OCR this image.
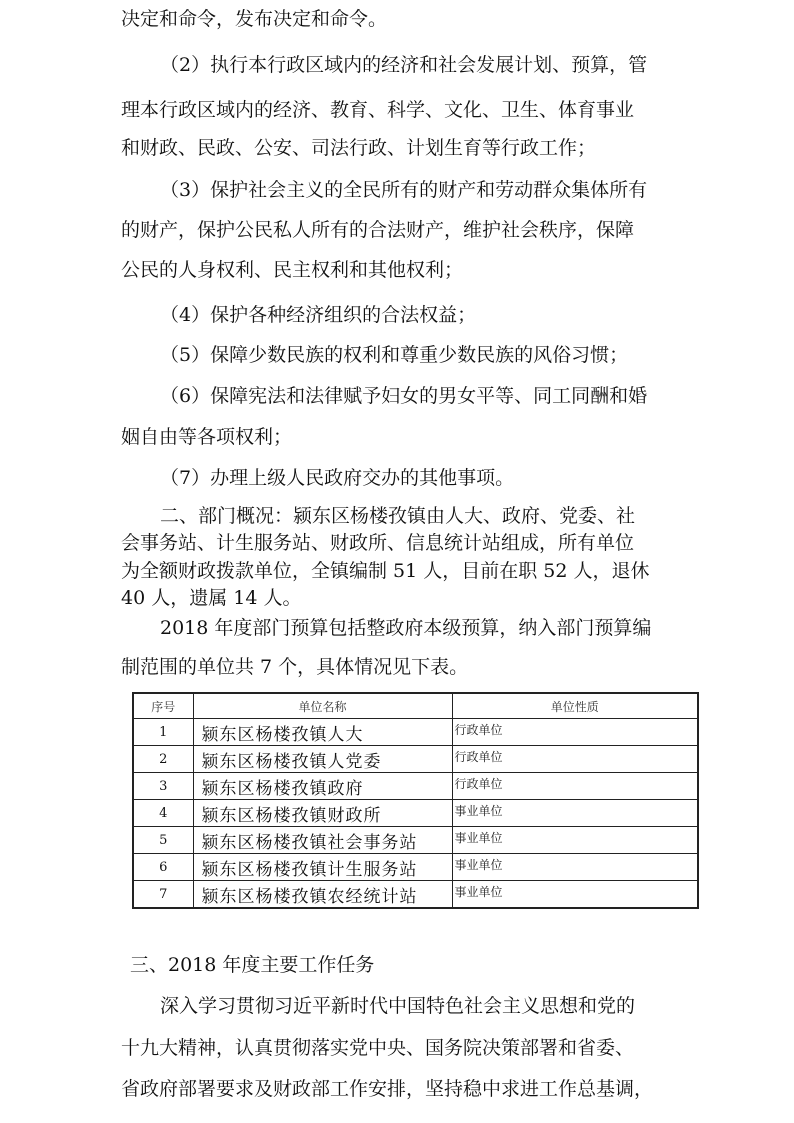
决定和命令，发布决定和命令。
（2）执行本行政区域内的经济和社会发展计划、预算，管
理本行政区域内的经济、教育、科学、文化、卫生、体育事业
和财政、民政、公安、司法行政、计划生育等行政工作；
（3）保护社会主义的全民所有的财产和劳动群众集体所有
的财产，保护公民私人所有的合法财产，维护社会秩序，保障
公民的人身权利、民主权利和其他权利；
（4）保护各种经济组织的合法权益；
（5）保障少数民族的权利和尊重少数民族的风俗习惯；
（6）保障宪法和法律赋予妇女的男女平等、同工同酬和婚
姻自由等各项权利；
（7）办理上级人民政府交办的其他事项。
二、部门概况：颍东区杨楼孜镇由人大、政府、党委、社
会事务站、计生服务站、财政所、信息统计站组成，所有单位
为全额财政拨款单位，全镇编制 51 人，目前在职 52 人，退休
40 人，遗属 14 人。
2018 年度部门预算包括整政府本级预算，纳入部门预算编
制范围的单位共 7 个，具体情况见下表。
序号	单位名称	单位性质
1	颍东区杨楼孜镇人大	行政单位
2	颍东区杨楼孜镇人党委	行政单位
3	颍东区杨楼孜镇政府	行政单位
4	颍东区杨楼孜镇财政所	事业单位
5	颍东区杨楼孜镇社会事务站	事业单位
6	颍东区杨楼孜镇计生服务站	事业单位
7	颍东区杨楼孜镇农经统计站	事业单位
三、2018 年度主要工作任务
深入学习贯彻习近平新时代中国特色社会主义思想和党的
十九大精神，认真贯彻落实党中央、国务院决策部署和省委、
省政府部署要求及财政部工作安排，坚持稳中求进工作总基调，
